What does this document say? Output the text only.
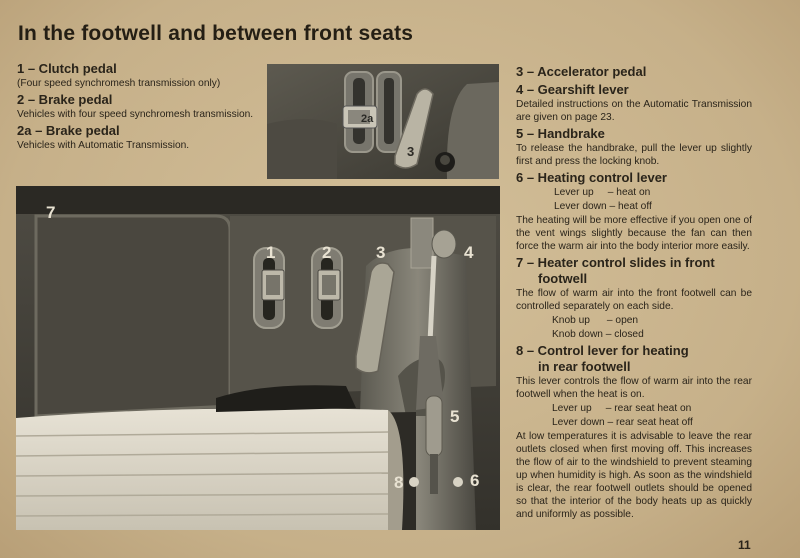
In the footwell and between front seats
1 – Clutch pedal
(Four speed synchromesh transmission only)
2 – Brake pedal
Vehicles with four speed synchromesh transmission.
2a – Brake pedal
Vehicles with Automatic Transmission.
2a
3
7
1	2	3	4
5
6
8
3 – Accelerator pedal
4 – Gearshift lever
Detailed instructions on the Automatic Transmission are given on page 23.
5 – Handbrake
To release the handbrake, pull the lever up slightly first and press the locking knob.
6 – Heating control lever
Lever up     – heat on
Lever down – heat off
The heating will be more effective if you open one of the vent wings slightly because the fan can then force the warm air into the body interior more easily.
7 – Heater control slides in front
footwell
The flow of warm air into the front footwell can be controlled separately on each side.
Knob up      – open
Knob down – closed
8 – Control lever for heating
in rear footwell
This lever controls the flow of warm air into the rear footwell when the heat is on.
Lever up     – rear seat heat on
Lever down – rear seat heat off
At low temperatures it is advisable to leave the rear outlets closed when first moving off. This increases the flow of air to the windshield to prevent steaming up when humidity is high. As soon as the windshield is clear, the rear footwell outlets should be opened so that the interior of the body heats up as quickly and uniformly as possible.
11
